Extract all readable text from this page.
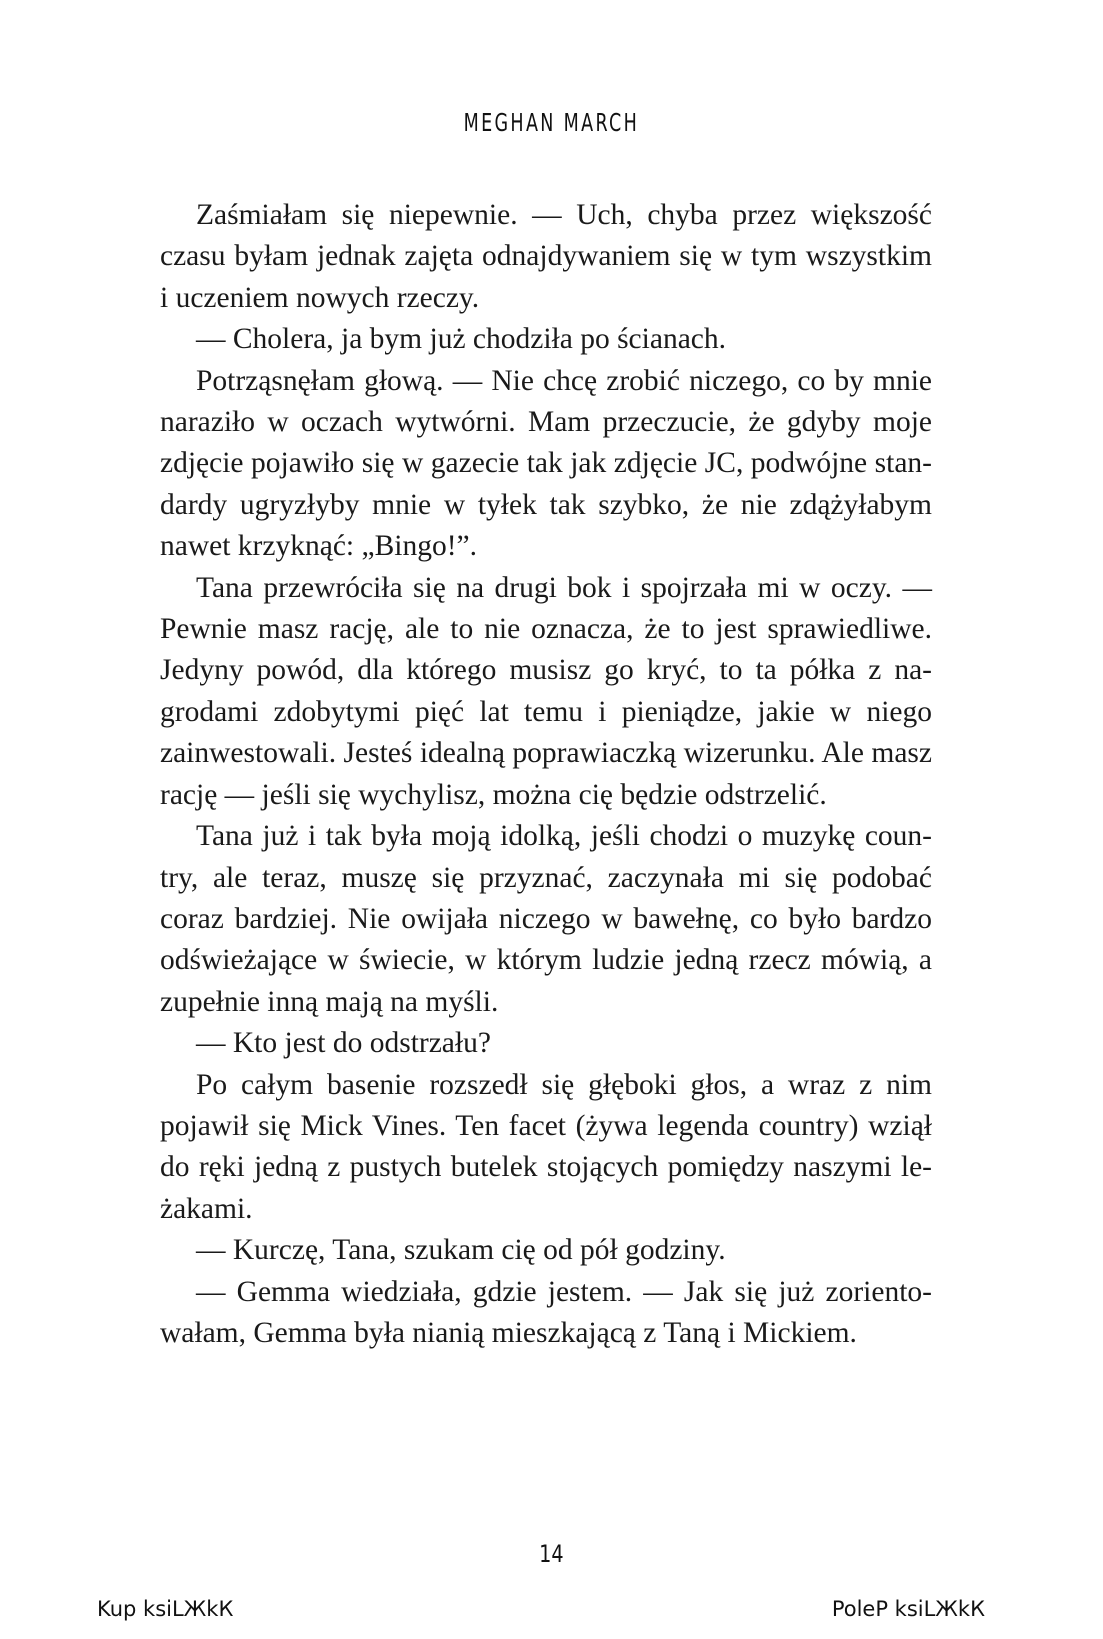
MEGHAN MARCH

Zaśmiałam się niepewnie. — Uch, chyba przez większość czasu byłam jednak zajęta odnajdywaniem się w tym wszystkim i uczeniem nowych rzeczy.

— Cholera, ja bym już chodziła po ścianach.

Potrząsnęłam głową. — Nie chcę zrobić niczego, co by mnie naraziło w oczach wytwórni. Mam przeczucie, że gdyby moje zdjęcie pojawiło się w gazecie tak jak zdjęcie JC, podwójne standardy ugryzłyby mnie w tyłek tak szybko, że nie zdążyłabym nawet krzyknąć: „Bingo!”.

Tana przewróciła się na drugi bok i spojrzała mi w oczy. — Pewnie masz rację, ale to nie oznacza, że to jest sprawiedliwe. Jedyny powód, dla którego musisz go kryć, to ta półka z nagrodami zdobytymi pięć lat temu i pieniądze, jakie w niego zainwestowali. Jesteś idealną poprawiaczką wizerunku. Ale masz rację — jeśli się wychylisz, można cię będzie odstrzelić.

Tana już i tak była moją idolką, jeśli chodzi o muzykę country, ale teraz, muszę się przyznać, zaczynała mi się podobać coraz bardziej. Nie owijała niczego w bawełnę, co było bardzo odświeżające w świecie, w którym ludzie jedną rzecz mówią, a zupełnie inną mają na myśli.

— Kto jest do odstrzału?

Po całym basenie rozszedł się głęboki głos, a wraz z nim pojawił się Mick Vines. Ten facet (żywa legenda country) wziął do ręki jedną z pustych butelek stojących pomiędzy naszymi leżakami.

— Kurczę, Tana, szukam cię od pół godziny.

— Gemma wiedziała, gdzie jestem. — Jak się już zorientowałam, Gemma była nianią mieszkającą z Taną i Mickiem.

14
Kup ksiLЖkК	PoleР ksiLЖkК
